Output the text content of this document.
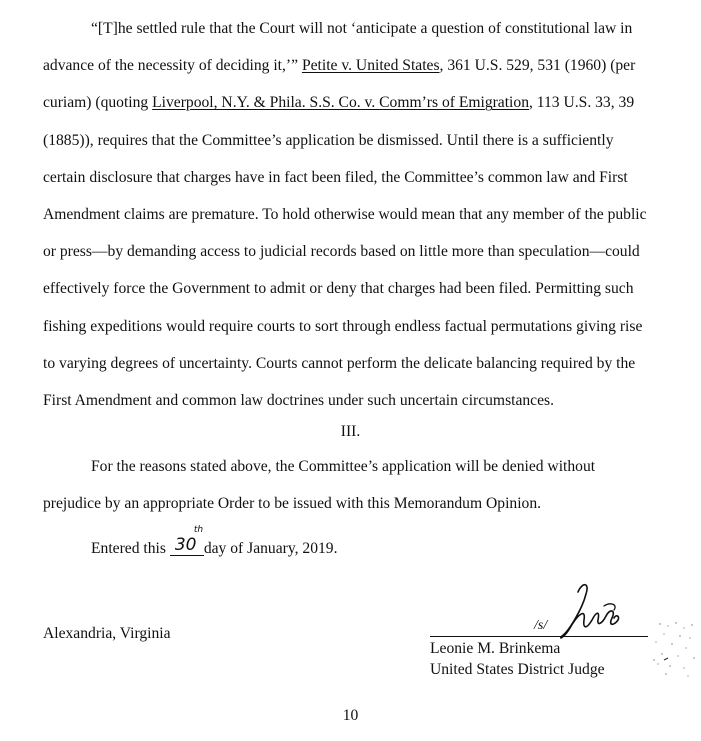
“[T]he settled rule that the Court will not ‘anticipate a question of constitutional law in
advance of the necessity of deciding it,’” Petite v. United States, 361 U.S. 529, 531 (1960) (per
curiam) (quoting Liverpool, N.Y. & Phila. S.S. Co. v. Comm’rs of Emigration, 113 U.S. 33, 39
(1885)), requires that the Committee’s application be dismissed. Until there is a sufficiently
certain disclosure that charges have in fact been filed, the Committee’s common law and First
Amendment claims are premature. To hold otherwise would mean that any member of the public
or press—by demanding access to judicial records based on little more than speculation—could
effectively force the Government to admit or deny that charges had been filed. Permitting such
fishing expeditions would require courts to sort through endless factual permutations giving rise
to varying degrees of uncertainty. Courts cannot perform the delicate balancing required by the
First Amendment and common law doctrines under such uncertain circumstances.
III.
For the reasons stated above, the Committee’s application will be denied without
prejudice by an appropriate Order to be issued with this Memorandum Opinion.
Entered this 30
th
day of January, 2019.
Alexandria, Virginia	/s/
Leonie M. Brinkema
United States District Judge
10
